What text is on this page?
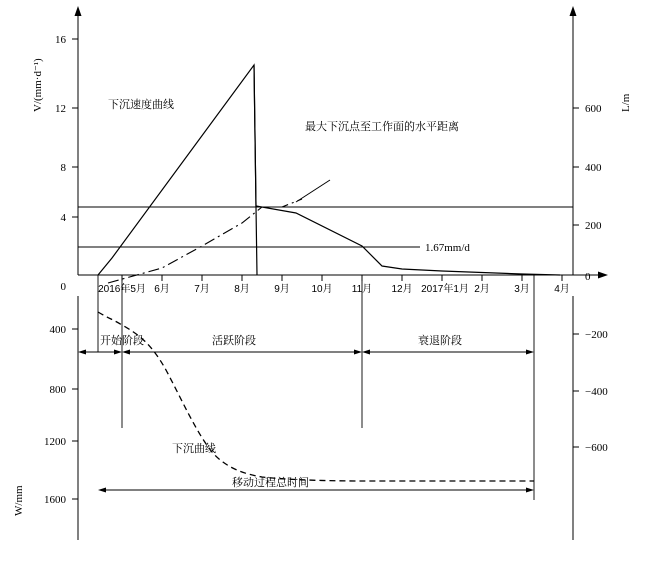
16
12
8
4
0
600
400
200
0
V/(mm·d⁻¹)	L/m
W/mm
2016年5月 6月 7月 8月 9月 10月 11月 12月 2017年1月 2月 3月 4月
下沉速度曲线
最大下沉点至工作面的水平距离
1.67mm/d
400
800
1200
1600
−200
−400
−600
下沉曲线
开始阶段	活跃阶段	衰退阶段
移动过程总时间
